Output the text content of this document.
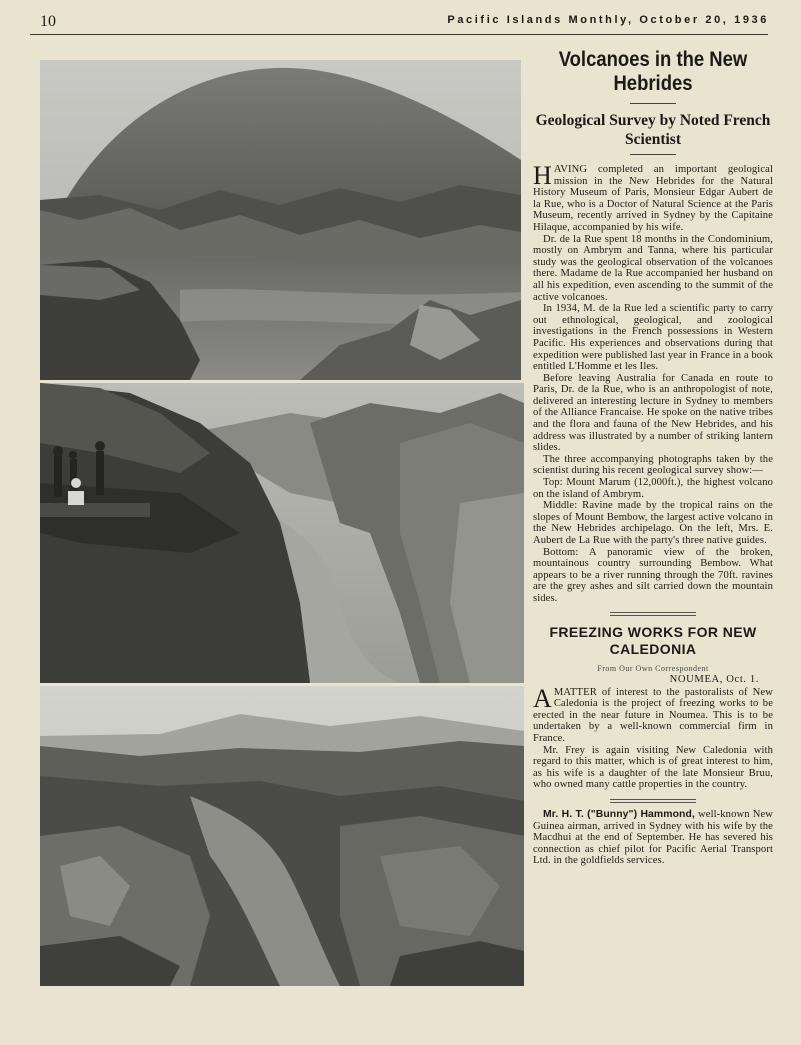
10	Pacific Islands Monthly, October 20, 1936
Volcanoes in the New Hebrides
Geological Survey by Noted French Scientist

HAVING completed an important geological mission in the New Hebrides for the Natural History Museum of Paris, Monsieur Edgar Aubert de la Rue, who is a Doctor of Natural Science at the Paris Museum, recently arrived in Sydney by the Capitaine Hilaque, accompanied by his wife.

Dr. de la Rue spent 18 months in the Condominium, mostly on Ambrym and Tanna, where his particular study was the geological observation of the volcanoes there. Madame de la Rue accompanied her husband on all his expedition, even ascending to the summit of the active volcanoes.

In 1934, M. de la Rue led a scientific party to carry out ethnological, geological, and zoological investigations in the French possessions in Western Pacific. His experiences and observations during that expedition were published last year in France in a book entitled L'Homme et les Iles.

Before leaving Australia for Canada en route to Paris, Dr. de la Rue, who is an anthropologist of note, delivered an interesting lecture in Sydney to members of the Alliance Francaise. He spoke on the native tribes and the flora and fauna of the New Hebrides, and his address was illustrated by a number of striking lantern slides.

The three accompanying photographs taken by the scientist during his recent geological survey show:—

Top: Mount Marum (12,000ft.), the highest volcano on the island of Ambrym.

Middle: Ravine made by the tropical rains on the slopes of Mount Bembow, the largest active volcano in the New Hebrides archipelago. On the left, Mrs. E. Aubert de La Rue with the party's three native guides.

Bottom: A panoramic view of the broken, mountainous country surrounding Bembow. What appears to be a river running through the 70ft. ravines are the grey ashes and silt carried down the mountain sides.

FREEZING WORKS FOR NEW CALEDONIA
From Our Own Correspondent
NOUMEA, Oct. 1.

AMATTER of interest to the pastoralists of New Caledonia is the project of freezing works to be erected in the near future in Noumea. This is to be undertaken by a well-known commercial firm in France.

Mr. Frey is again visiting New Caledonia with regard to this matter, which is of great interest to him, as his wife is a daughter of the late Monsieur Bruu, who owned many cattle properties in the country.

Mr. H. T. ("Bunny") Hammond, well-known New Guinea airman, arrived in Sydney with his wife by the Macdhui at the end of September. He has severed his connection as chief pilot for Pacific Aerial Transport Ltd. in the goldfields services.
